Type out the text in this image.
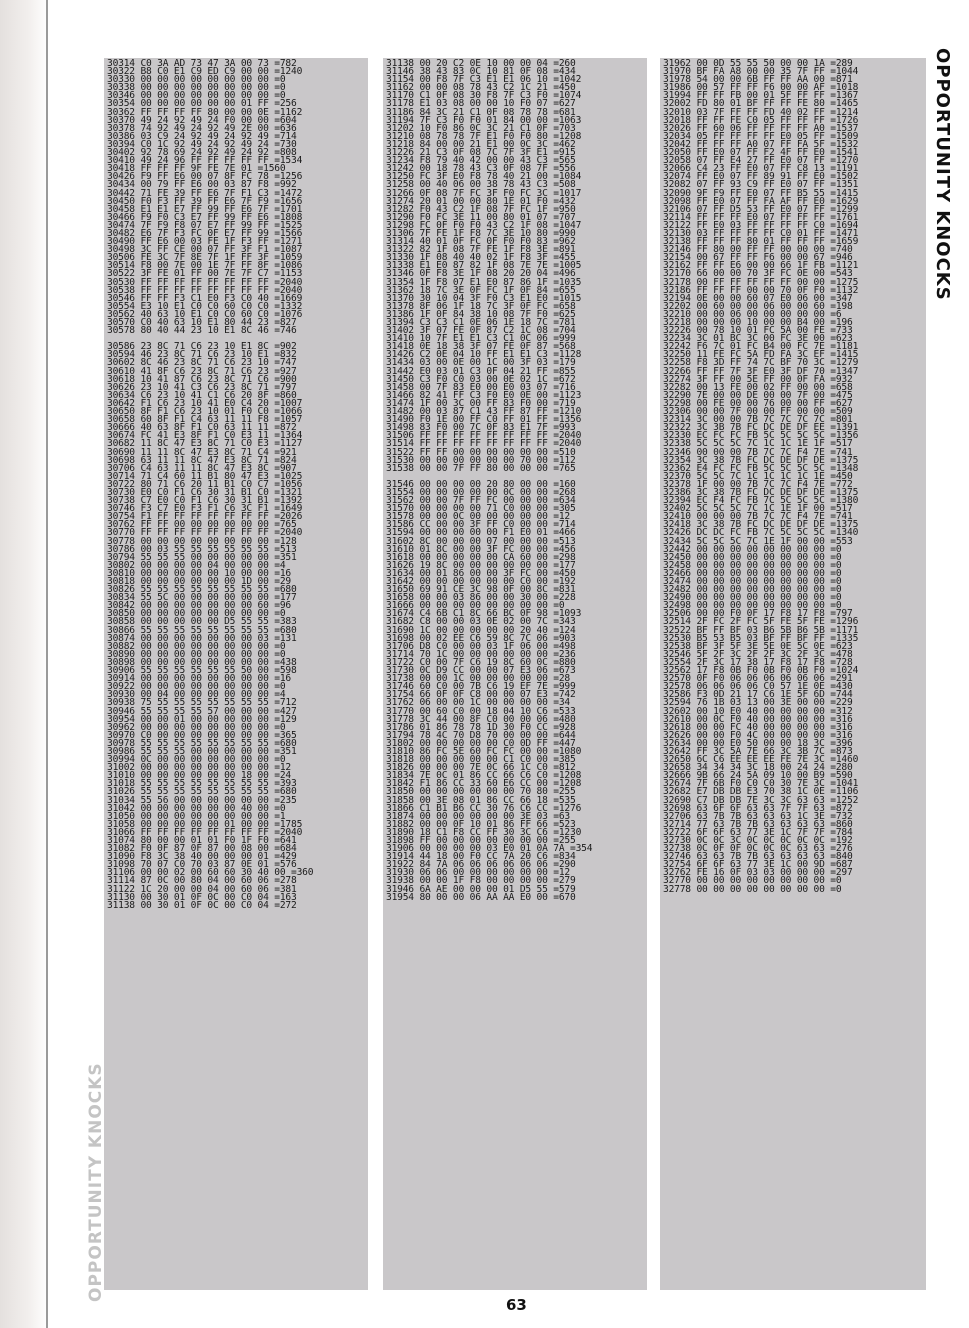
30314 C0 3A AD 73 47 3A 00 73 =782
30322 B8 C0 E1 C9 ED C9 00 00 =1240
30330 00 00 00 00 00 00 00 00 =0
30338 00 00 00 00 00 00 00 00 =0
30346 00 00 00 00 00 00 00 00 =0
30354 00 00 00 00 00 00 01 FF =256
30362 FF FF FF FF 80 00 00 0E =1162
30370 49 24 92 49 24 F0 00 00 =604
30378 74 92 49 24 92 49 2E 00 =636
30386 03 C9 24 92 49 24 92 49 =714
30394 C0 1C 92 49 24 92 49 24 =730
30402 92 78 69 24 92 49 24 92 =808
30410 49 24 96 FF FF FF FF FF =1534
30418 FF FF FF 9F FE 7E 01 =1560
30426 F9 FF E6 00 07 8F FC 78 =1256
30434 00 79 FF E6 00 03 87 F8 =992
30442 71 FE 39 FF E6 7F F1 C3 =1472
30450 F0 F3 FF 39 FF E6 7F F9 =1656
30458 E1 E1 E7 FF 99 FF E6 7F =1701
30466 F9 F0 C3 E7 FF 99 FF E6 =1808
30474 7F F9 F8 07 E7 FF 99 FF =1525
30482 E6 7F F3 FC 0F E7 FF 99 =1566
30490 FF E6 00 03 FE 1F F3 FF =1271
30498 3C FF CE 00 07 FF 3F F1 =1087
30506 FE 3C 7F 8E 7F 1F FF 3F =1059
30514 F8 00 7E 00 1E 7F FF 8F =1086
30522 3F FE 01 FF 00 7E 7F C7 =1153
30530 FF FF FF FF FF FF FF FF =2040
30538 FF FF FF FF FF FF FF FF =2040
30546 FF FF F3 C1 E0 F3 C0 40 =1669
30554 E3 10 E1 C0 C0 60 C0 C0 =1332
30562 40 63 10 E1 C0 C0 60 C0 =1076
30570 C0 40 63 10 E1 80 44 23 =827
30578 80 40 44 23 10 E1 8C 46 =746

30586 23 8C 71 C6 23 10 E1 8C =902
30594 46 23 8C 71 C6 23 10 E1 =832
30602 8C 46 23 8C 71 C6 23 10 =747
30610 41 8F C6 23 8C 71 C6 23 =927
30618 10 41 87 C6 23 8C 71 C6 =900
30626 23 10 41 C3 C6 23 8C 71 =797
30634 C6 23 10 41 C1 C6 20 8F =860
30642 F1 C6 23 10 41 E0 C4 20 =1007
30650 8F F1 C6 23 10 01 F0 C0 =1066
30658 60 8F F1 C4 63 11 11 F8 =1057
30666 40 63 8F F1 C0 63 11 11 =872
30674 FC 41 E3 8F F1 C0 E3 11 =1364
30682 11 8C 47 E3 8C 71 C0 E3 =1127
30690 11 11 8C 47 E3 8C 71 C4 =921
30698 63 11 11 8C 47 E3 8C 71 =824
30706 C4 63 11 11 8C 47 E3 8C =907
30714 71 C4 60 11 B1 80 47 E3 =1025
30722 80 71 C6 20 11 B1 C0 C7 =1056
30730 E0 C0 F1 C6 30 31 B1 C0 =1321
30738 C7 E0 C0 F1 C6 30 31 B1 =1392
30746 F3 C7 E0 F3 F1 C6 3C F1 =1649
30754 F1 FF FF FF FF FF FF FF =2026
30762 FF FF 00 00 00 00 00 00 =765
30770 FF FF FF FF FF FF FF FF =2040
30778 00 00 00 00 00 00 00 00 =128
30786 00 03 55 55 55 55 55 55 =513
30794 55 55 55 00 00 00 00 00 =351
30802 00 00 00 00 04 00 00 00 =4
30810 00 00 00 00 00 10 00 00 =16
30818 00 00 00 00 00 00 1D 00 =29
30826 55 55 55 55 55 55 55 55 =680
30834 55 5C 00 00 00 00 00 00 =177
30842 00 00 00 00 00 00 00 60 =96
30850 00 00 00 00 00 00 00 00 =0
30858 00 00 00 00 00 D5 55 55 =383
30866 55 55 55 55 55 55 55 55 =680
30874 00 00 00 00 00 00 00 03 =131
30882 00 00 00 00 00 00 00 00 =0
30890 00 00 00 00 00 00 00 00 =0
30898 00 00 00 00 00 00 00 00 =438
30906 55 55 55 55 55 55 50 00 =598
30914 00 00 00 00 00 00 00 00 =16
30922 00 00 00 00 00 00 00 00 =0
30930 00 04 00 00 00 00 00 00 =4
30938 75 55 55 55 55 55 55 55 =712
30946 55 55 55 55 57 00 00 00 =427
30954 00 00 01 00 00 00 00 00 =129
30962 00 00 00 00 00 00 00 00 =0
30970 C0 00 00 00 00 00 00 00 =365
30978 55 55 55 55 55 55 55 55 =680
30986 55 55 55 00 00 00 00 00 =351
30994 0C 00 00 00 00 00 00 00 =0
31002 00 00 00 00 00 00 00 00 =12
31010 00 00 00 00 00 00 18 00 =24
31018 55 55 55 55 55 55 55 55 =393
31026 55 55 55 55 55 55 55 55 =680
31034 55 56 00 00 00 00 00 00 =235
31042 00 00 00 00 00 00 40 00 =0
31050 00 00 00 00 00 00 00 00 =1
31058 00 00 00 00 00 01 00 00 =1785
31066 FF FF FF FF FF FF FF FF =2040
31074 80 00 00 01 01 F0 1F F0 =641
31082 F0 0F 87 0F 87 00 08 00 =684
31090 F8 3C 38 40 00 00 00 01 =429
31098 70 07 C0 70 03 87 0E 01 =576
31106 00 00 02 00 60 60 30 40 00 =360
31114 87 0C 00 80 04 00 60 06 =278
31122 1C 20 00 00 04 00 60 06 =381
31130 00 30 01 0F 0C 00 C0 04 =163
31138 00 30 01 0F 0C 00 C0 04 =272
31138 00 20 C2 0E 10 00 00 04 =260
31146 38 43 83 0C 10 81 0F 08 =434
31154 00 F8 7F C3 E1 E1 06 10 =1042
31162 00 00 08 78 43 C2 1C 21 =450
31170 C1 0F 08 30 F8 7F C3 F0 =1074
31178 E1 03 08 00 00 10 F0 07 =627
31186 84 3C 21 C1 0F 08 78 78 =681
31194 7F C3 F0 F0 01 84 00 00 =1063
31202 10 F0 86 0C 3C 21 C1 0F =703
31210 08 78 78 7F E1 F0 F0 80 =1208
31218 84 00 00 21 E1 00 0C 3C =462
31226 21 C3 0F 08 7C 7F 3F E1 =915
31234 F8 79 40 42 00 00 43 C3 =565
31242 00 18 78 43 C3 0F 08 7F =556
31250 FC 3F E0 F8 78 40 21 00 =1084
31258 00 40 06 00 38 78 43 C3 =508
31266 0F 08 7F FC 3F F0 FC 3C =1017
31274 20 01 00 00 80 1E 01 F0 =432
31282 F0 43 C2 1F 08 7F FC 1F =950
31290 F0 FC 3E 11 00 80 01 07 =707
31298 FC 0F F0 F0 43 C2 1F 08 =1047
31306 7F FE 1F F8 7C 3E 10 80 =990
31314 40 01 0F FC 0F F0 F0 83 =962
31322 82 1F 08 7F FE 1F F8 3E =891
31330 1F 08 40 40 02 1F F8 3F =455
31338 E1 E0 87 82 1F 08 7E 7E =1005
31346 0F F8 3E 1F 08 20 20 04 =496
31354 1F F8 07 E1 E0 87 86 1F =1035
31362 18 7C 3E 0F FC 1F 0F 84 =655
31370 30 10 04 3F F0 C3 E1 E0 =1015
31378 8F 06 1F 18 7C 3F 0F FC =658
31386 1F 0F 84 38 10 08 7F F0 =625
31394 C3 C3 C1 0E 06 1E 18 7C =781
31402 3F 07 FE 0F 87 C2 1C 08 =704
31410 10 7F E1 E1 C3 C1 0C 06 =999
31418 0E 18 38 3F 07 FE 0F 87 =568
31426 C2 0E 04 10 FF E1 E1 C3 =1128
31434 03 00 0E 00 1C 00 3F 03 =179
31442 E0 03 01 C3 0F 04 21 FF =855
31450 C3 F0 C0 03 00 0E 02 1C =672
31458 00 7F 83 E0 00 E0 03 07 =716
31466 82 41 FF C3 F0 E0 0E 00 =1123
31474 1F 00 3C 00 FF 83 F0 00 =719
31482 00 03 87 C1 43 FF 87 FF =1210
31490 F0 1E 00 FF C0 FF 01 FF =1356
31498 83 F0 00 7C 0F 83 E1 7F =993
31506 FF FF FF FF FF FF FF FF =2040
31514 FF FF FF FF FF FF FF FF =2040
31522 FF FF 00 00 00 00 00 00 =510
31530 00 00 00 00 00 00 70 00 =112
31538 00 00 7F FF 80 00 00 00 =765

31546 00 00 00 00 20 80 00 00 =160
31554 00 00 00 00 00 0C 00 00 =268
31562 00 00 7F FF FC 00 00 00 =634
31570 00 00 00 00 71 C0 00 00 =305
31578 00 00 0C 00 00 00 00 00 =12
31586 CC 00 00 3F FF C0 00 00 =714
31594 00 00 00 00 00 F1 E0 01 =466
31602 8C 00 00 00 07 00 00 00 =513
31610 01 8C 00 00 3F FC 00 00 =456
31618 00 00 00 00 00 CA 60 00 =298
31626 19 8C 00 00 00 00 00 00 =177
31634 00 01 86 00 00 3F FC 00 =450
31642 00 00 00 00 00 00 C0 00 =192
31650 69 91 CE 3C 98 0F 00 8C =831
31658 00 00 03 86 00 00 30 00 =228
31666 00 00 00 00 00 00 00 00 =0
31674 C4 6B C1 8C 66 BC 0F 98 =1093
31682 C8 00 00 03 0E 02 00 7C =343
31690 1C 00 00 00 00 00 20 40 =124
31698 00 02 EE C6 59 8C 7C 06 =903
31706 D8 C0 00 00 03 1F 06 00 =498
31714 70 1C 00 00 00 00 00 00 =236
31722 C0 00 7F C6 19 8C 60 0C =880
31730 0C D9 CC 00 00 07 E3 06 =673
31738 00 00 1C 00 00 00 00 00 =28
31746 60 C0 00 7B C6 19 EF 7E =999
31754 66 0F 0F C8 00 00 07 E3 =742
31762 06 00 00 1C 00 00 00 00 =34
31770 00 60 C0 00 18 04 10 C6 =533
31778 3C 44 00 8F C0 00 00 06 =480
31786 01 86 78 78 1D 30 F0 CC =928
31794 78 4C 70 D8 70 00 00 00 =644
31802 00 00 00 00 00 C0 0D FF =447
31810 86 FC 5E 60 FC FC 00 00 =1080
31818 00 00 00 00 00 C1 C0 00 =385
31826 00 00 00 7E 0C 66 1C C0 =812
31834 7E 0C 01 86 CC 66 C6 C0 =1208
31842 F1 86 CC 33 60 E6 CC 00 =1208
31850 00 00 00 00 00 00 70 80 =255
31858 00 3E 08 01 86 CC 66 18 =535
31866 C1 B1 B6 CC 30 76 C6 CC =1276
31874 00 00 00 00 00 00 3E 03 =63
31882 00 00 0F 10 01 86 FF 66 =523
31890 18 C1 F8 CC FF 30 3C C6 =1230
31898 FF 00 00 00 00 00 00 00 =255
31906 00 00 00 00 03 E0 01 0A 7A =354
31914 44 18 00 F0 CC 7A 20 C6 =834
31922 84 7A 06 06 06 06 06 06 =290
31930 06 06 00 00 00 00 00 00 =12
31938 00 00 1F F8 00 00 00 00 =279
31946 6A AE 00 00 00 01 D5 55 =579
31954 80 00 00 06 AA AA E0 00 =670
31962 00 0D 55 55 50 00 00 1A =289
31970 BF FA A8 00 00 35 7F FF =1044
31978 54 00 00 6B FF FF AA 00 =871
31986 00 57 FF FF F6 00 00 AF =1018
31994 FF FF FB 00 01 5F FF FF =1367
32002 FD 80 01 BF FF FF FE 80 =1465
32010 03 7F FF FF FD 40 02 FF =1214
32018 FF FF FE C0 05 FF FF FF =1726
32026 FF 60 06 FF FF FF FF A0 =1537
32034 05 FF FF FF FF E0 05 FF =1509
32042 FF FF FF A0 07 FF FA 5F =1532
32050 FF E0 07 FF F2 4F FF E0 =1541
32058 07 FF E4 27 FF E0 07 FF =1270
32066 C4 23 FF E0 07 FF C8 13 =1191
32074 FF E0 07 FF 89 91 FF E0 =1502
32082 07 FF 93 C9 FF E0 07 FF =1351
32090 9F F9 FF E0 07 FF B5 55 =1415
32098 FF E0 07 FF FA AF FF E0 =1629
32106 07 FF D5 53 FF E0 07 FF =1299
32114 FF FF FF E0 07 FF FF FF =1761
32122 FF E0 03 FF FF FF FF C0 =1694
32130 03 FF FF FF FF C0 01 FF =1471
32138 FF FF FF 80 01 FF FF FF =1659
32146 FF 80 00 FF FF 00 00 00 =740
32154 00 67 FF FF F6 00 00 67 =946
32162 FF FF E6 00 00 66 1F FB =1121
32170 66 00 00 70 3F FC 0E 00 =543
32178 00 FF FF FF FF FF 00 00 =1275
32186 FF FF FF 00 00 70 0F F0 =1132
32194 0E 00 00 60 07 E0 06 00 =347
32202 00 60 00 00 06 00 00 60 =198
32210 00 00 06 00 00 00 00 00 =6
32218 00 00 00 10 00 00 B4 00 =196
32226 00 78 10 01 FC 5A 00 FE =733
32234 3C 01 BC 3C 00 FC 3E 00 =623
32242 F6 7C 01 FC B4 00 FC 7E =1181
32250 11 FE FC 5A FD FA 3C EF =1415
32258 F8 3D FF 74 7C BF 70 3C =1279
32266 FF FF 7F 3F E0 3F DF 70 =1347
32274 3F FF 00 5E FF 00 0F FA =932
32282 00 13 FE 00 02 FF 00 00 =658
32290 7E 00 00 DE 00 00 7F 00 =475
32298 00 FE 00 00 76 00 00 FF =627
32306 00 00 7F 00 00 FF 00 00 =509
32314 3C 00 00 7B 7C 7C 7C 7C =801
32322 3C 3B 7B FC DC DE DF EE =1391
32330 EC FC FC FB 5C 5C 5C 5C =1356
32338 5C 5C 5C 7C 1C 1C 1E 1F =517
32346 00 00 00 7B 7C 7C F4 7E =741
32354 3C 38 7B FC DC DE DF DE =1375
32362 E4 FC FC FB 5C 5C 5C 5C =1348
32370 5C 5C 7C 1C 1C 1C 1C 1E =450
32378 1F 00 00 7B 7C 7C F4 7E =772
32386 3C 38 7B FC DC DE DF DE =1375
32394 EC F4 FC FB 7C 5C 5C 5C =1380
32402 5C 5C 5C 7C 1C 1E 1F 00 =517
32410 00 00 00 7B 7C 7C F4 7E =741
32418 3C 38 7B FC DC DE DF DE =1375
32426 DC DC FC FB 7C 5C 5C 5C =1340
32434 5C 5C 5C 7C 1E 1F 00 00 =553
32442 00 00 00 00 00 00 00 00 =0
32450 00 00 00 00 00 00 00 00 =0
32458 00 00 00 00 00 00 00 00 =0
32466 00 00 00 00 00 00 00 00 =0
32474 00 00 00 00 00 00 00 00 =0
32482 00 00 00 00 00 00 00 00 =0
32490 00 00 00 00 00 00 00 00 =0
32498 00 00 00 00 00 00 00 00 =0
32506 00 00 F0 0F 17 F8 17 F8 =797
32514 2F FC 2F FC 5F FE 5F FE =1296
32522 BF FF BF 03 B6 5B B6 5B =1171
32530 B5 53 B5 03 BF FF BF FF =1335
32538 BF 3F 5F 3E 5E 0E 5C 0E =623
32546 5F 2F 3C 2F 2F 3C 2F 3C =478
32554 2F 3C 17 38 17 F8 17 F8 =728
32562 17 F8 0B F0 0B F0 0B F0 =1024
32570 0F F0 06 06 06 06 06 06 =291
32578 06 06 06 06 C0 57 1E 0E =430
32586 F3 0D 21 17 C6 1E 5F 6D =744
32594 76 1B 03 13 00 3E 00 00 =229
32602 00 10 E0 40 00 00 00 00 =312
32610 00 0C F0 40 00 00 00 00 =316
32618 00 00 FC 40 00 00 00 00 =316
32626 00 00 F0 4C 00 00 00 00 =316
32634 00 00 E0 50 00 00 18 3C =396
32642 FF 3C 5A 7E 66 3C 3B 7C =873
32650 6C C6 EE EE EE FE 7E 3C =1460
32658 34 34 34 3C 18 00 24 24 =280
32666 9B 66 24 5A 09 10 00 B9 =590
32674 7F 6B F0 C0 C0 30 7E 3C =1041
32682 E7 DB DB E3 70 38 1C 0E =1106
32690 C7 DB DB 7E 3C 3C 63 63 =1252
32698 63 6F 6F 63 63 7F 7F 63 =872
32706 63 7B 7B 63 63 63 1C 3E =732
32714 77 63 7B 7B 63 63 63 63 =860
32722 6F 6F 63 77 3E 1C 7F 7F =784
32730 0C 0C 3C 0C 0C 0C 0C 0C =192
32738 0C 0F 0F 0C 0C 0C 63 63 =276
32746 63 63 7B 7B 63 63 63 63 =840
32754 6F 6F 63 77 3E 1C 00 9D =687
32762 FE 16 0F 03 03 00 00 00 =297
32770 00 00 00 00 00 00 00 00 =0
32778 00 00 00 00 00 00 00 00 =0
OPPORTUNITY KNOCKS
OPPORTUNITY KNOCKS
63
